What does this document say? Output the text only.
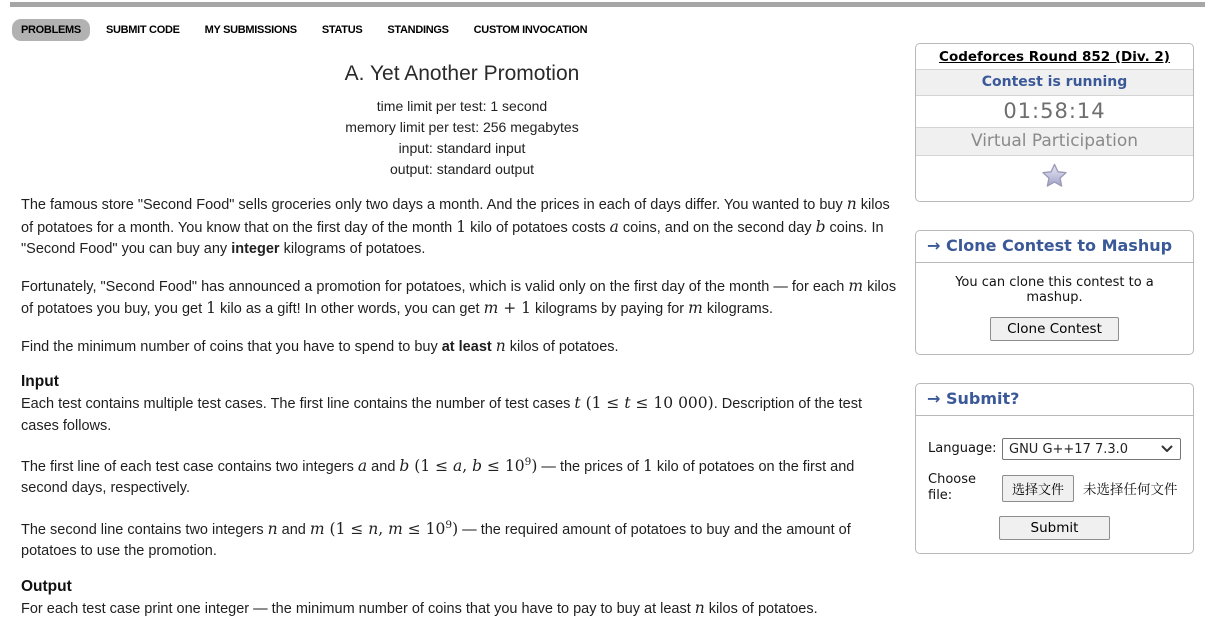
PROBLEMS	SUBMIT CODE	MY SUBMISSIONS	STATUS	STANDINGS	CUSTOM INVOCATION
A. Yet Another Promotion
time limit per test: 1 second
memory limit per test: 256 megabytes
input: standard input
output: standard output

The famous store "Second Food" sells groceries only two days a month. And the prices in each of days differ. You wanted to buy n kilos of potatoes for a month. You know that on the first day of the month 1 kilo of potatoes costs a coins, and on the second day b coins. In "Second Food" you can buy any integer kilograms of potatoes.

Fortunately, "Second Food" has announced a promotion for potatoes, which is valid only on the first day of the month — for each m kilos of potatoes you buy, you get 1 kilo as a gift! In other words, you can get m + 1 kilograms by paying for m kilograms.

Find the minimum number of coins that you have to spend to buy at least n kilos of potatoes.

Input

Each test contains multiple test cases. The first line contains the number of test cases t (1 ≤ t ≤ 10 000). Description of the test cases follows.

The first line of each test case contains two integers a and b (1 ≤ a, $b \le 10^9$) — the prices of 1 kilo of potatoes on the first and second days, respectively.

The second line contains two integers n and m (1 ≤ n, $m \le 10^9$) — the required amount of potatoes to buy and the amount of potatoes to use the promotion.

Output

For each test case print one integer — the minimum number of coins that you have to pay to buy at least n kilos of potatoes.

Codeforces Round 852 (Div. 2)
Contest is running
01:58:14
Virtual Participation
→ Clone Contest to Mashup
You can clone this contest to a mashup.
Clone Contest
→ Submit?
Language: GNU G++17 7.3.0
Choose file:	选择文件	未选择任何文件
Submit
